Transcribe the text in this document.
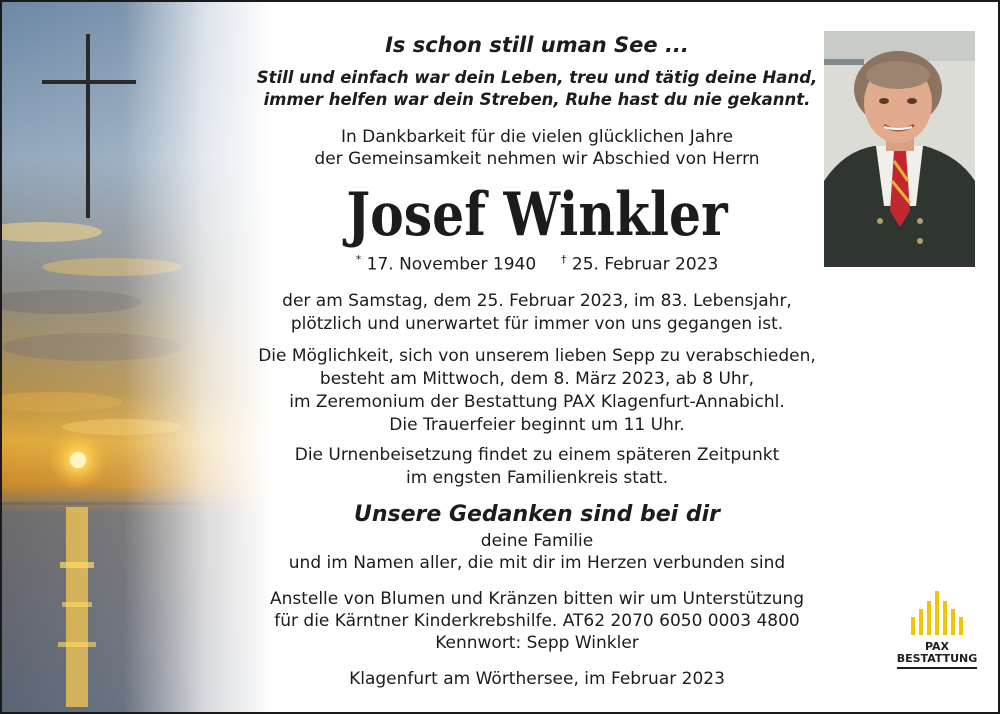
Is schon still uman See ...
Still und einfach war dein Leben, treu und tätig deine Hand,
immer helfen war dein Streben, Ruhe hast du nie gekannt.
In Dankbarkeit für die vielen glücklichen Jahre
der Gemeinsamkeit nehmen wir Abschied von Herrn
Josef Winkler
* 17. November 1940 † 25. Februar 2023
der am Samstag, dem 25. Februar 2023, im 83. Lebensjahr,
plötzlich und unerwartet für immer von uns gegangen ist.
Die Möglichkeit, sich von unserem lieben Sepp zu verabschieden,
besteht am Mittwoch, dem 8. März 2023, ab 8 Uhr,
im Zeremonium der Bestattung PAX Klagenfurt-Annabichl.
Die Trauerfeier beginnt um 11 Uhr.
Die Urnenbeisetzung findet zu einem späteren Zeitpunkt
im engsten Familienkreis statt.
Unsere Gedanken sind bei dir
deine Familie
und im Namen aller, die mit dir im Herzen verbunden sind
Anstelle von Blumen und Kränzen bitten wir um Unterstützung
für die Kärntner Kinderkrebshilfe. AT62 2070 6050 0003 4800
Kennwort: Sepp Winkler
Klagenfurt am Wörthersee, im Februar 2023
PAX
BESTATTUNG
